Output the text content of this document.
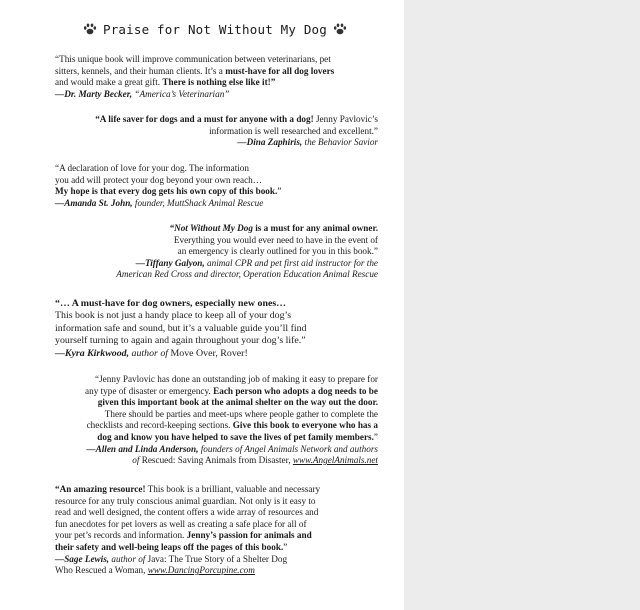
Praise for Not Without My Dog

“This unique book will improve communication between veterinarians, pet

sitters, kennels, and their human clients. It’s a must-have for all dog lovers

and would make a great gift. There is nothing else like it!”

—Dr. Marty Becker, “America’s Veterinarian”

“A life saver for dogs and a must for anyone with a dog! Jenny Pavlovic’s

information is well researched and excellent.”

—Dina Zaphiris, the Behavior Savior

“A declaration of love for your dog. The information

you add will protect your dog beyond your own reach…

My hope is that every dog gets his own copy of this book.”

—Amanda St. John, founder, MuttShack Animal Rescue

“Not Without My Dog is a must for any animal owner.

Everything you would ever need to have in the event of

an emergency is clearly outlined for you in this book.”

—Tiffany Galyon, animal CPR and pet first aid instructor for the

American Red Cross and director, Operation Education Animal Rescue

“… A must-have for dog owners, especially new ones…

This book is not just a handy place to keep all of your dog’s

information safe and sound, but it’s a valuable guide you’ll find

yourself turning to again and again throughout your dog’s life.”

—Kyra Kirkwood, author of Move Over, Rover!

“Jenny Pavlovic has done an outstanding job of making it easy to prepare for

any type of disaster or emergency. Each person who adopts a dog needs to be

given this important book at the animal shelter on the way out the door.

There should be parties and meet-ups where people gather to complete the

checklists and record-keeping sections. Give this book to everyone who has a

dog and know you have helped to save the lives of pet family members.”

—Allen and Linda Anderson, founders of Angel Animals Network and authors

of Rescued: Saving Animals from Disaster, www.AngelAnimals.net

“An amazing resource! This book is a brilliant, valuable and necessary

resource for any truly conscious animal guardian. Not only is it easy to

read and well designed, the content offers a wide array of resources and

fun anecdotes for pet lovers as well as creating a safe place for all of

your pet’s records and information. Jenny’s passion for animals and

their safety and well-being leaps off the pages of this book.”

—Sage Lewis, author of Java: The True Story of a Shelter Dog

Who Rescued a Woman, www.DancingPorcupine.com
